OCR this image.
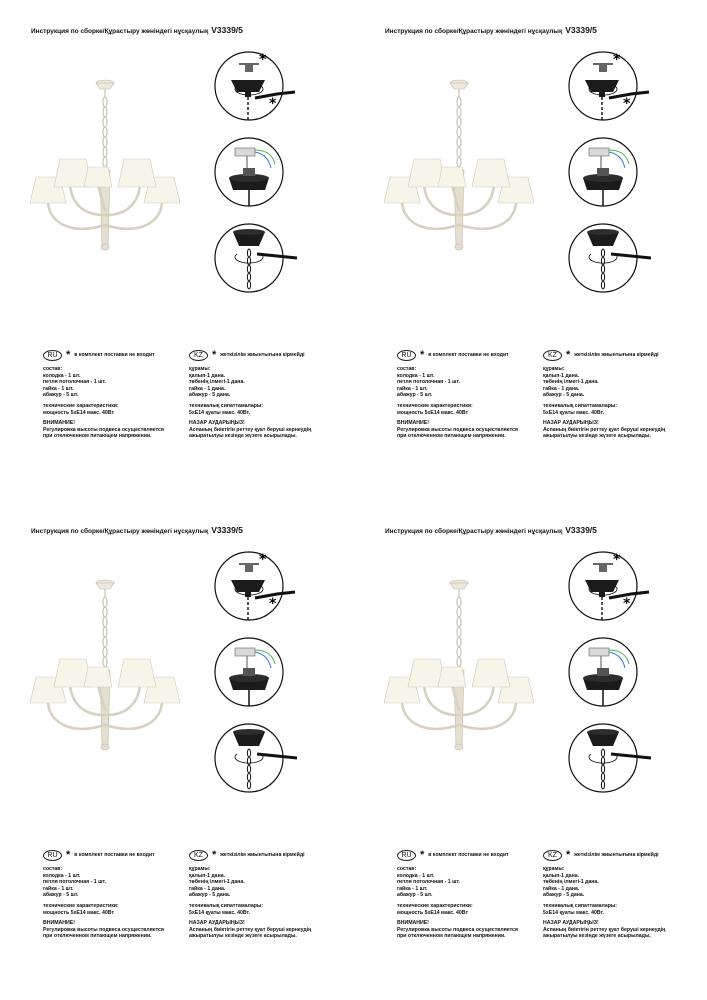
Инструкция по сборке/Құрастыру жөніндегі нұсқаулық V3339/5
*
*
RU * в комплект поставки не входит
состав:
колодка - 1 шт.
петля потолочная - 1 шт.
гайка - 1 шт.
абажур - 5 шт.
технические характеристики:
мощность 5хЕ14 макс. 40Вт
ВНИМАНИЕ!
Регулировка высоты подвеса осуществляется
при отключенном питающем напряжении.
KZ * жеткізілім жиынтығына кірмейді
құрамы:
қалып-1 дана.
төбенің ілмегі-1 дана.
гайка - 1 дана.
абажур - 5 дана.
техникалық сипаттамалары:
5хЕ14 қуаты макс. 40Вт.
НАЗАР АУДАРЫҢЫЗ!
Аспаның биіктігін реттеу қуат беруші кернеудің
ажыратылуы кезінде жүзеге асырылады.
Инструкция по сборке/Құрастыру жөніндегі нұсқаулық V3339/5
*
*
RU * в комплект поставки не входит
состав:
колодка - 1 шт.
петля потолочная - 1 шт.
гайка - 1 шт.
абажур - 5 шт.
технические характеристики:
мощность 5хЕ14 макс. 40Вт
ВНИМАНИЕ!
Регулировка высоты подвеса осуществляется
при отключенном питающем напряжении.
KZ * жеткізілім жиынтығына кірмейді
құрамы:
қалып-1 дана.
төбенің ілмегі-1 дана.
гайка - 1 дана.
абажур - 5 дана.
техникалық сипаттамалары:
5хЕ14 қуаты макс. 40Вт.
НАЗАР АУДАРЫҢЫЗ!
Аспаның биіктігін реттеу қуат беруші кернеудің
ажыратылуы кезінде жүзеге асырылады.
Инструкция по сборке/Құрастыру жөніндегі нұсқаулық V3339/5
*
*
RU * в комплект поставки не входит
состав:
колодка - 1 шт.
петля потолочная - 1 шт.
гайка - 1 шт.
абажур - 5 шт.
технические характеристики:
мощность 5хЕ14 макс. 40Вт
ВНИМАНИЕ!
Регулировка высоты подвеса осуществляется
при отключенном питающем напряжении.
KZ * жеткізілім жиынтығына кірмейді
құрамы:
қалып-1 дана.
төбенің ілмегі-1 дана.
гайка - 1 дана.
абажур - 5 дана.
техникалық сипаттамалары:
5хЕ14 қуаты макс. 40Вт.
НАЗАР АУДАРЫҢЫЗ!
Аспаның биіктігін реттеу қуат беруші кернеудің
ажыратылуы кезінде жүзеге асырылады.
Инструкция по сборке/Құрастыру жөніндегі нұсқаулық V3339/5
*
*
RU * в комплект поставки не входит
состав:
колодка - 1 шт.
петля потолочная - 1 шт.
гайка - 1 шт.
абажур - 5 шт.
технические характеристики:
мощность 5хЕ14 макс. 40Вт
ВНИМАНИЕ!
Регулировка высоты подвеса осуществляется
при отключенном питающем напряжении.
KZ * жеткізілім жиынтығына кірмейді
құрамы:
қалып-1 дана.
төбенің ілмегі-1 дана.
гайка - 1 дана.
абажур - 5 дана.
техникалық сипаттамалары:
5хЕ14 қуаты макс. 40Вт.
НАЗАР АУДАРЫҢЫЗ!
Аспаның биіктігін реттеу қуат беруші кернеудің
ажыратылуы кезінде жүзеге асырылады.
